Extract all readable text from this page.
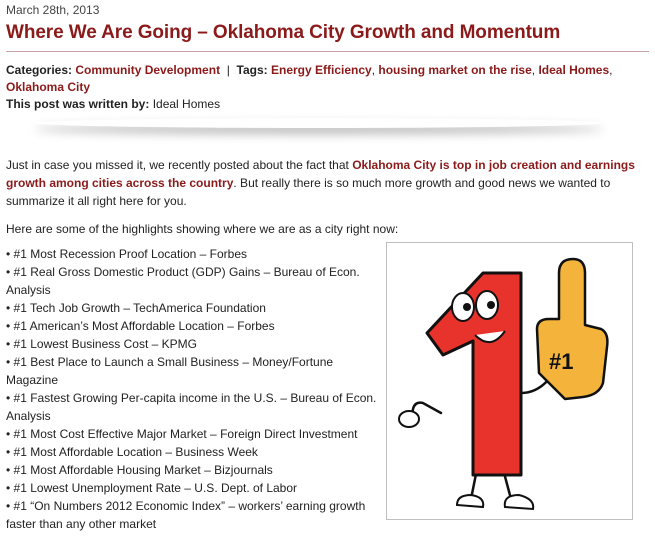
March 28th, 2013
Where We Are Going – Oklahoma City Growth and Momentum
Categories: Community Development | Tags: Energy Efficiency, housing market on the rise, Ideal Homes, Oklahoma City
This post was written by: Ideal Homes

Just in case you missed it, we recently posted about the fact that Oklahoma City is top in job creation and earnings growth among cities across the country. But really there is so much more growth and good news we wanted to summarize it all right here for you.

Here are some of the highlights showing where we are as a city right now:

• #1 Most Recession Proof Location – Forbes
• #1 Real Gross Domestic Product (GDP) Gains – Bureau of Econ. Analysis
• #1 Tech Job Growth – TechAmerica Foundation
• #1 American’s Most Affordable Location – Forbes
• #1 Lowest Business Cost – KPMG
• #1 Best Place to Launch a Small Business – Money/Fortune Magazine
• #1 Fastest Growing Per-capita income in the U.S. – Bureau of Econ. Analysis
• #1 Most Cost Effective Major Market – Foreign Direct Investment
• #1 Most Affordable Location – Business Week
• #1 Most Affordable Housing Market – Bizjournals
• #1 Lowest Unemployment Rate – U.S. Dept. of Labor
• #1 “On Numbers 2012 Economic Index” – workers’ earning growth faster than any other market
#1
